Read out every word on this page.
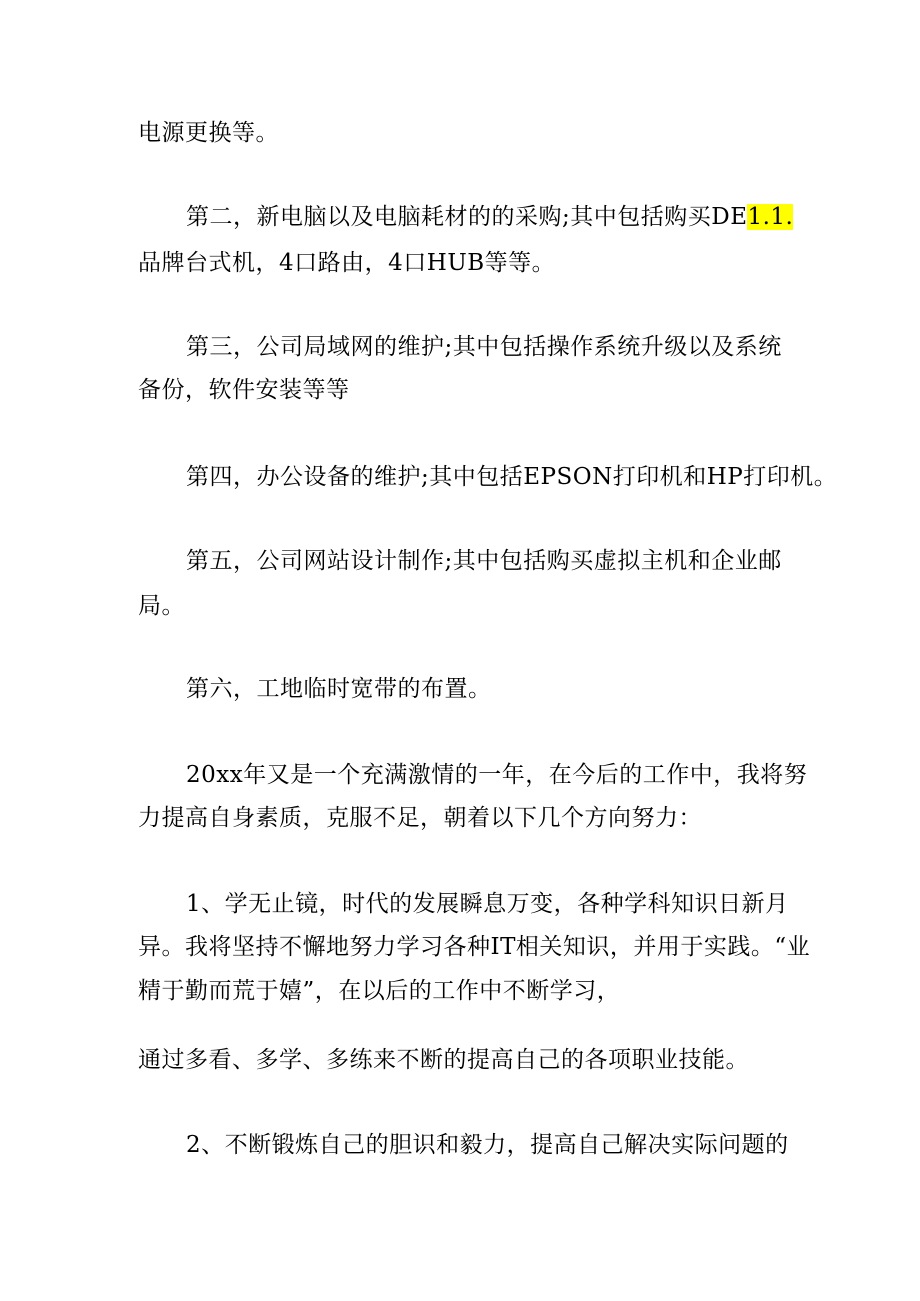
电源更换等。
第二，新电脑以及电脑耗材的的采购;其中包括购买DE1.1.
品牌台式机，4口路由，4口HUB等等。
第三，公司局域网的维护;其中包括操作系统升级以及系统
备份，软件安装等等
第四，办公设备的维护;其中包括EPSON打印机和HP打印机。
第五，公司网站设计制作;其中包括购买虚拟主机和企业邮
局。
第六，工地临时宽带的布置。
20xx年又是一个充满激情的一年，在今后的工作中，我将努
力提高自身素质，克服不足，朝着以下几个方向努力：
1、学无止镜，时代的发展瞬息万变，各种学科知识日新月
异。我将坚持不懈地努力学习各种IT相关知识，并用于实践。“业
精于勤而荒于嬉”，在以后的工作中不断学习，
通过多看、多学、多练来不断的提高自己的各项职业技能。
2、不断锻炼自己的胆识和毅力，提高自己解决实际问题的
